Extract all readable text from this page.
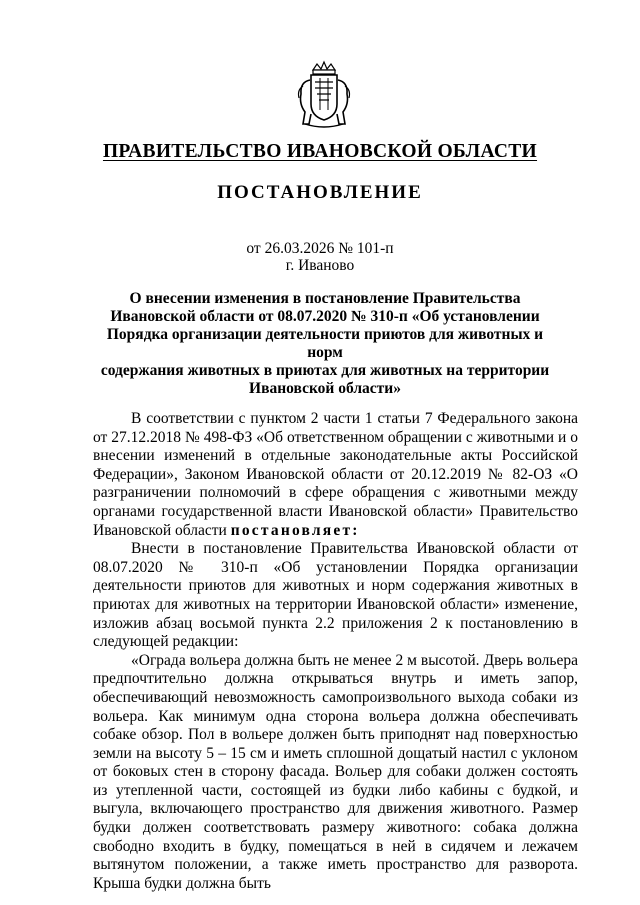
ПРАВИТЕЛЬСТВО ИВАНОВСКОЙ ОБЛАСТИ
ПОСТАНОВЛЕНИЕ
от 26.03.2026 № 101-п
г. Иваново

О внесении изменения в постановление Правительства
Ивановской области от 08.07.2020 № 310-п «Об установлении
Порядка организации деятельности приютов для животных и норм
содержания животных в приютах для животных на территории
Ивановской области»

В соответствии с пунктом 2 части 1 статьи 7 Федерального закона от 27.12.2018 № 498-ФЗ «Об ответственном обращении с животными и о внесении изменений в отдельные законодательные акты Российской Федерации», Законом Ивановской области от 20.12.2019 № 82-ОЗ «О разграничении полномочий в сфере обращения с животными между органами государственной власти Ивановской области» Правительство Ивановской области постановляет:

Внести в постановление Правительства Ивановской области от 08.07.2020 № 310-п «Об установлении Порядка организации деятельности приютов для животных и норм содержания животных в приютах для животных на территории Ивановской области» изменение, изложив абзац восьмой пункта 2.2 приложения 2 к постановлению в следующей редакции:

«Ограда вольера должна быть не менее 2 м высотой. Дверь вольера предпочтительно должна открываться внутрь и иметь запор, обеспечивающий невозможность самопроизвольного выхода собаки из вольера. Как минимум одна сторона вольера должна обеспечивать собаке обзор. Пол в вольере должен быть приподнят над поверхностью земли на высоту 5 – 15 см и иметь сплошной дощатый настил с уклоном от боковых стен в сторону фасада. Вольер для собаки должен состоять из утепленной части, состоящей из будки либо кабины с будкой, и выгула, включающего пространство для движения животного. Размер будки должен соответствовать размеру животного: собака должна свободно входить в будку, помещаться в ней в сидячем и лежачем вытянутом положении, а также иметь пространство для разворота. Крыша будки должна быть
